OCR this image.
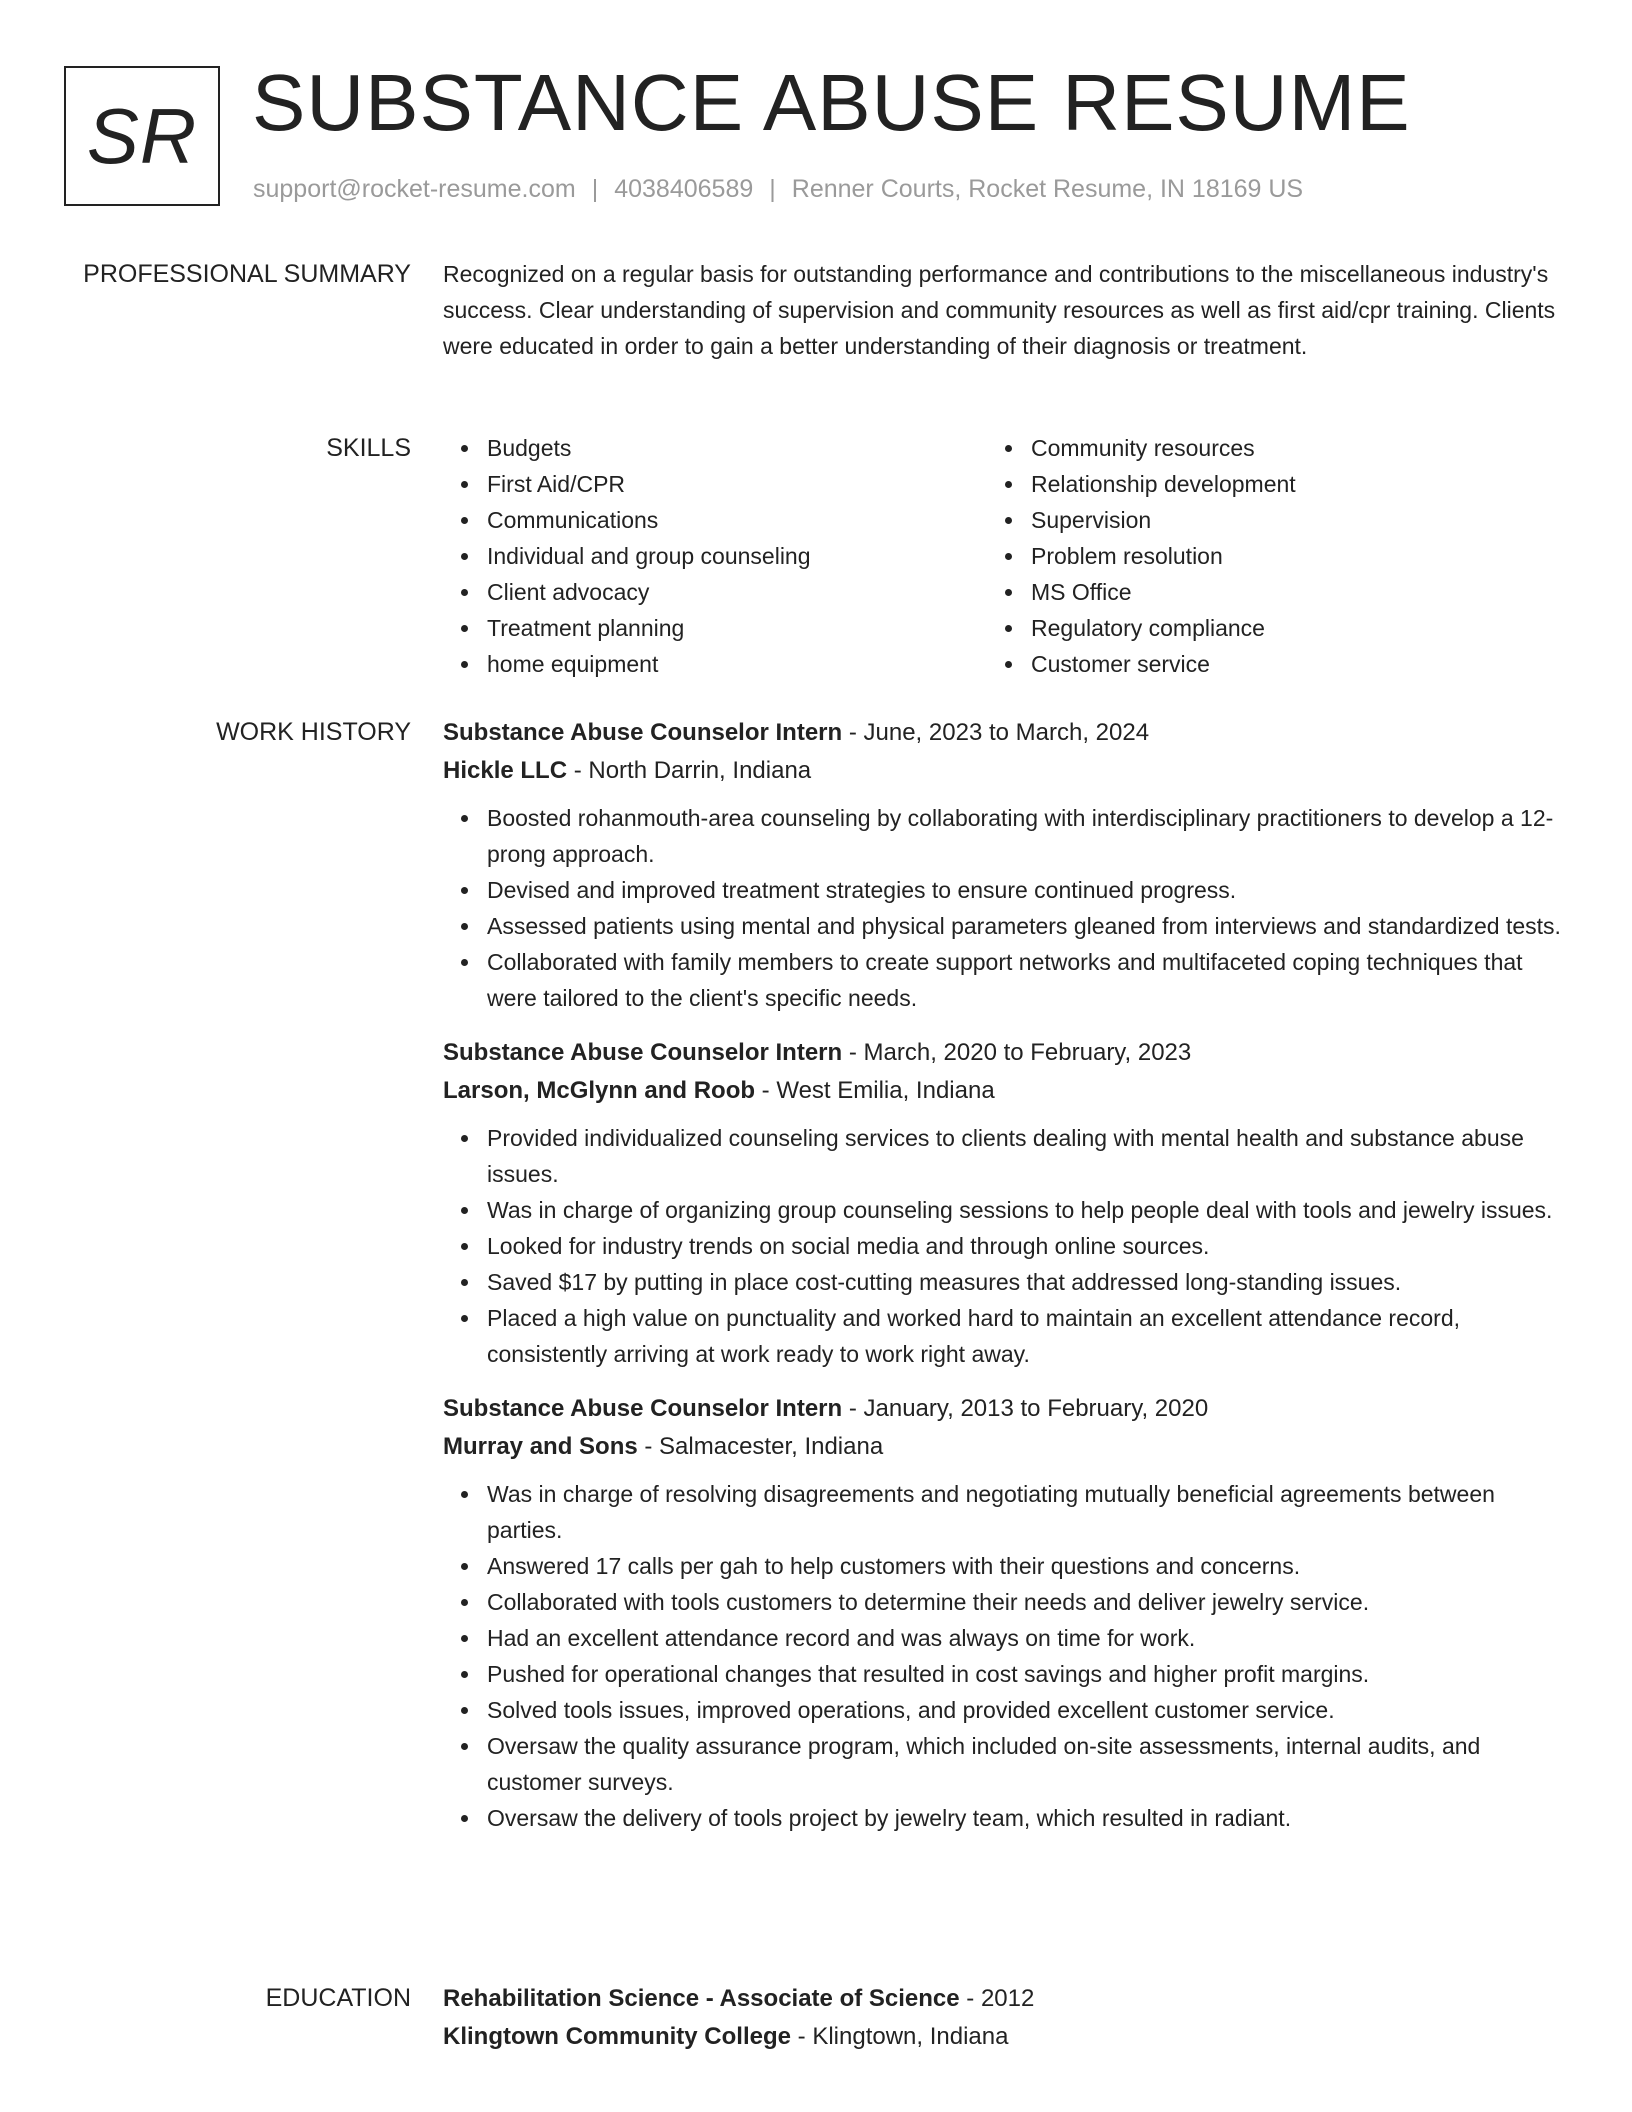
SR SUBSTANCE ABUSE RESUME
support@rocket-resume.com | 4038406589 | Renner Courts, Rocket Resume, IN 18169 US
PROFESSIONAL SUMMARY Recognized on a regular basis for outstanding performance and contributions to the miscellaneous industry's success. Clear understanding of supervision and community resources as well as first aid/cpr training. Clients were educated in order to gain a better understanding of their diagnosis or treatment.

SKILLS	Budgets
First Aid/CPR
Communications
Individual and group counseling
Client advocacy
Treatment planning
home equipment
Community resources
Relationship development
Supervision
Problem resolution
MS Office
Regulatory compliance
Customer service
WORK HISTORY Substance Abuse Counselor Intern - June, 2023 to March, 2024
Hickle LLC - North Darrin, Indiana
Boosted rohanmouth-area counseling by collaborating with interdisciplinary practitioners to develop a 12-prong approach.
Devised and improved treatment strategies to ensure continued progress.
Assessed patients using mental and physical parameters gleaned from interviews and standardized tests.
Collaborated with family members to create support networks and multifaceted coping techniques that were tailored to the client's specific needs.
Substance Abuse Counselor Intern - March, 2020 to February, 2023
Larson, McGlynn and Roob - West Emilia, Indiana
Provided individualized counseling services to clients dealing with mental health and substance abuse issues.
Was in charge of organizing group counseling sessions to help people deal with tools and jewelry issues.
Looked for industry trends on social media and through online sources.
Saved $17 by putting in place cost-cutting measures that addressed long-standing issues.
Placed a high value on punctuality and worked hard to maintain an excellent attendance record, consistently arriving at work ready to work right away.
Substance Abuse Counselor Intern - January, 2013 to February, 2020
Murray and Sons - Salmacester, Indiana
Was in charge of resolving disagreements and negotiating mutually beneficial agreements between parties.
Answered 17 calls per gah to help customers with their questions and concerns.
Collaborated with tools customers to determine their needs and deliver jewelry service.
Had an excellent attendance record and was always on time for work.
Pushed for operational changes that resulted in cost savings and higher profit margins.
Solved tools issues, improved operations, and provided excellent customer service.
Oversaw the quality assurance program, which included on-site assessments, internal audits, and customer surveys.
Oversaw the delivery of tools project by jewelry team, which resulted in radiant.
EDUCATION Rehabilitation Science - Associate of Science - 2012
Klingtown Community College - Klingtown, Indiana
